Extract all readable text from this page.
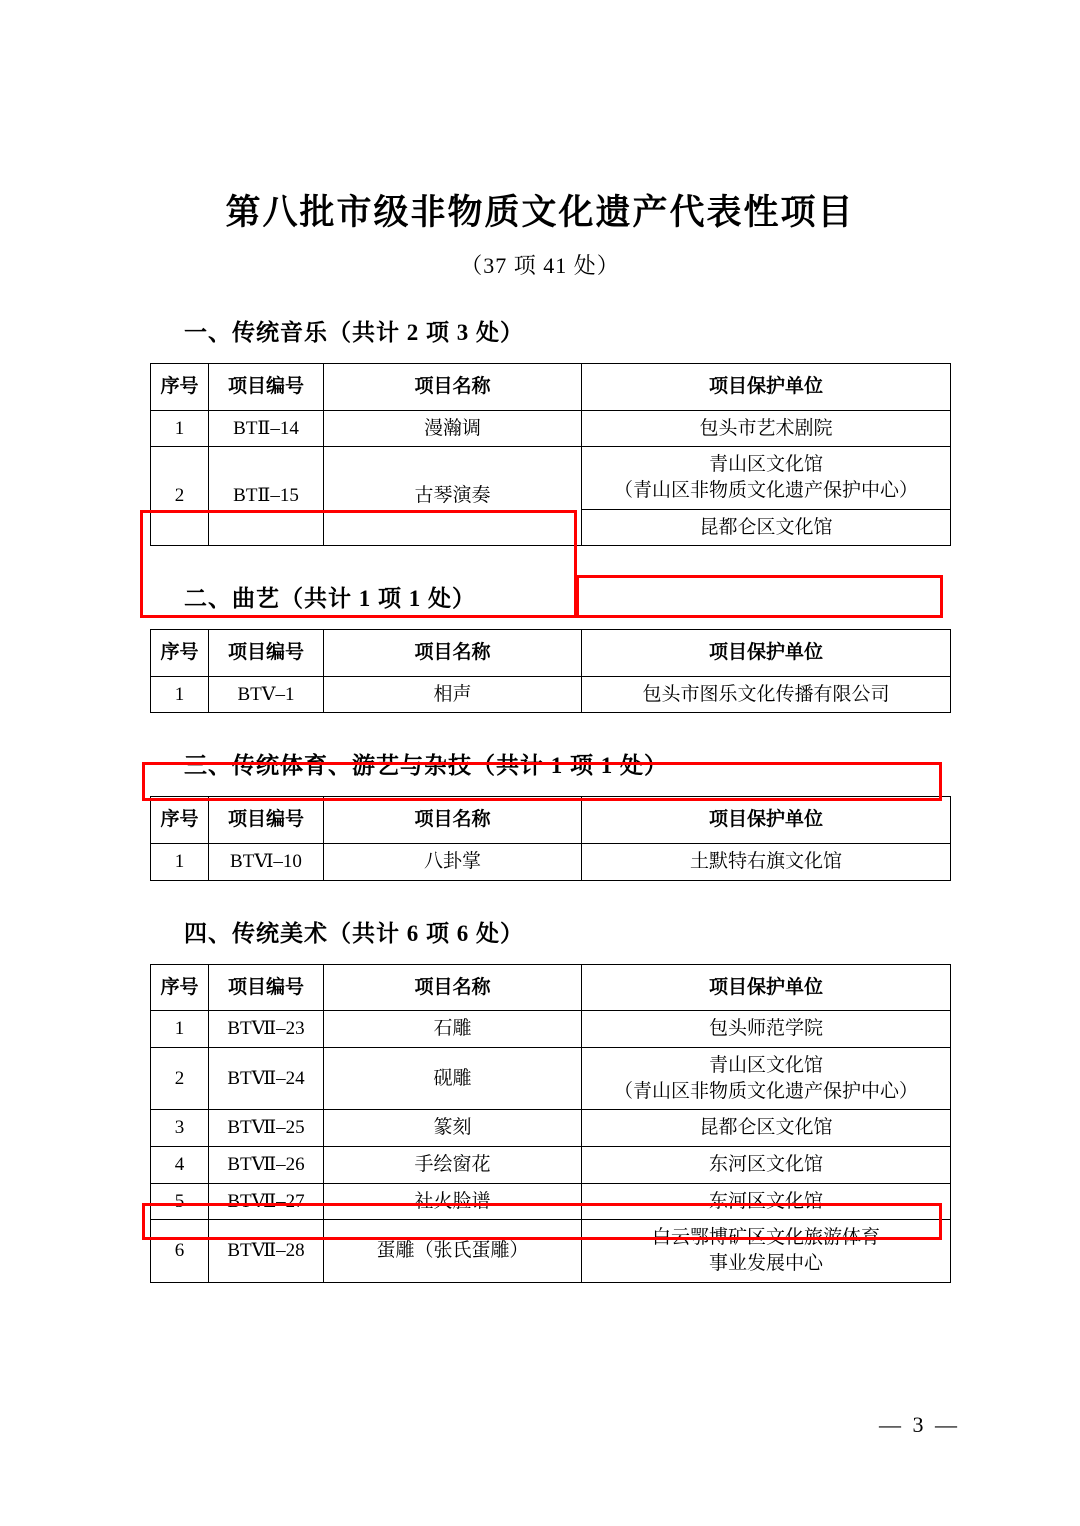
第八批市级非物质文化遗产代表性项目
（37 项 41 处）
一、传统音乐（共计 2 项 3 处）
序号	项目编号	项目名称	项目保护单位
1	BTⅡ–14	漫瀚调	包头市艺术剧院
2	BTⅡ–15	古琴演奏	青山区文化馆
（青山区非物质文化遗产保护中心）

			昆都仑区文化馆
二、曲艺（共计 1 项 1 处）
序号	项目编号	项目名称	项目保护单位
1	BTⅤ–1	相声	包头市图乐文化传播有限公司
三、传统体育、游艺与杂技（共计 1 项 1 处）
序号	项目编号	项目名称	项目保护单位
1	BTⅥ–10	八卦掌	土默特右旗文化馆
四、传统美术（共计 6 项 6 处）
序号	项目编号	项目名称	项目保护单位
1	BTⅦ–23	石雕	包头师范学院
2	BTⅦ–24	砚雕	青山区文化馆
（青山区非物质文化遗产保护中心）

3	BTⅦ–25	篆刻	昆都仑区文化馆
4	BTⅦ–26	手绘窗花	东河区文化馆
5	BTⅦ–27	社火脸谱	东河区文化馆
6	BTⅦ–28	蛋雕（张氏蛋雕）	白云鄂博矿区文化旅游体育
事业发展中心
— 3 —
